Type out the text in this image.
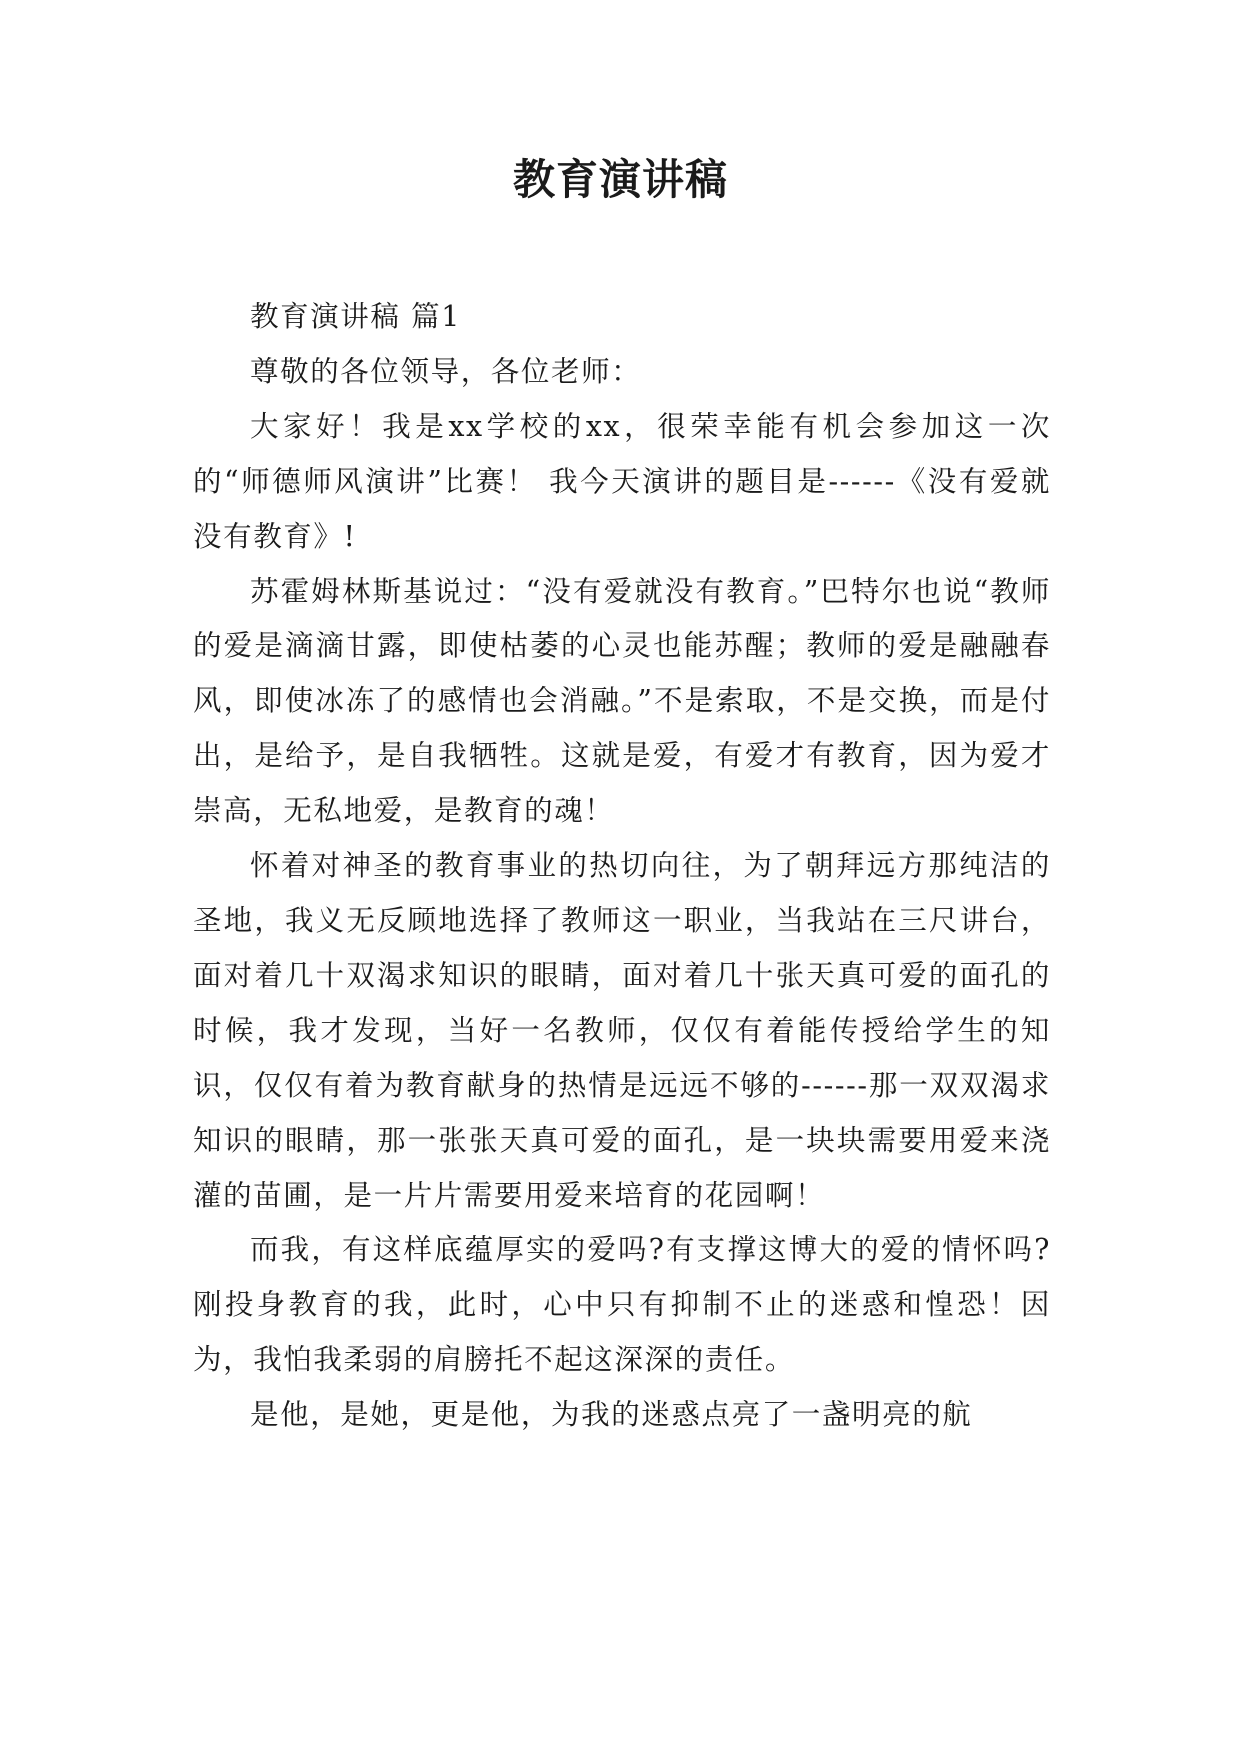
教育演讲稿

教育演讲稿 篇1

尊敬的各位领导，各位老师：

大家好！我是xx学校的xx，很荣幸能有机会参加这一次的“师德师风演讲”比赛！ 我今天演讲的题目是------《没有爱就没有教育》!

苏霍姆林斯基说过：“没有爱就没有教育。”巴特尔也说“教师的爱是滴滴甘露，即使枯萎的心灵也能苏醒；教师的爱是融融春风，即使冰冻了的感情也会消融。”不是索取，不是交换，而是付出，是给予，是自我牺牲。这就是爱，有爱才有教育，因为爱才崇高，无私地爱，是教育的魂！

怀着对神圣的教育事业的热切向往，为了朝拜远方那纯洁的圣地，我义无反顾地选择了教师这一职业，当我站在三尺讲台，面对着几十双渴求知识的眼睛，面对着几十张天真可爱的面孔的时候，我才发现，当好一名教师，仅仅有着能传授给学生的知识，仅仅有着为教育献身的热情是远远不够的------那一双双渴求知识的眼睛，那一张张天真可爱的面孔，是一块块需要用爱来浇灌的苗圃，是一片片需要用爱来培育的花园啊！

而我，有这样底蕴厚实的爱吗?有支撑这博大的爱的情怀吗?刚投身教育的我，此时，心中只有抑制不止的迷惑和惶恐！因为，我怕我柔弱的肩膀托不起这深深的责任。

是他，是她，更是他，为我的迷惑点亮了一盏明亮的航
